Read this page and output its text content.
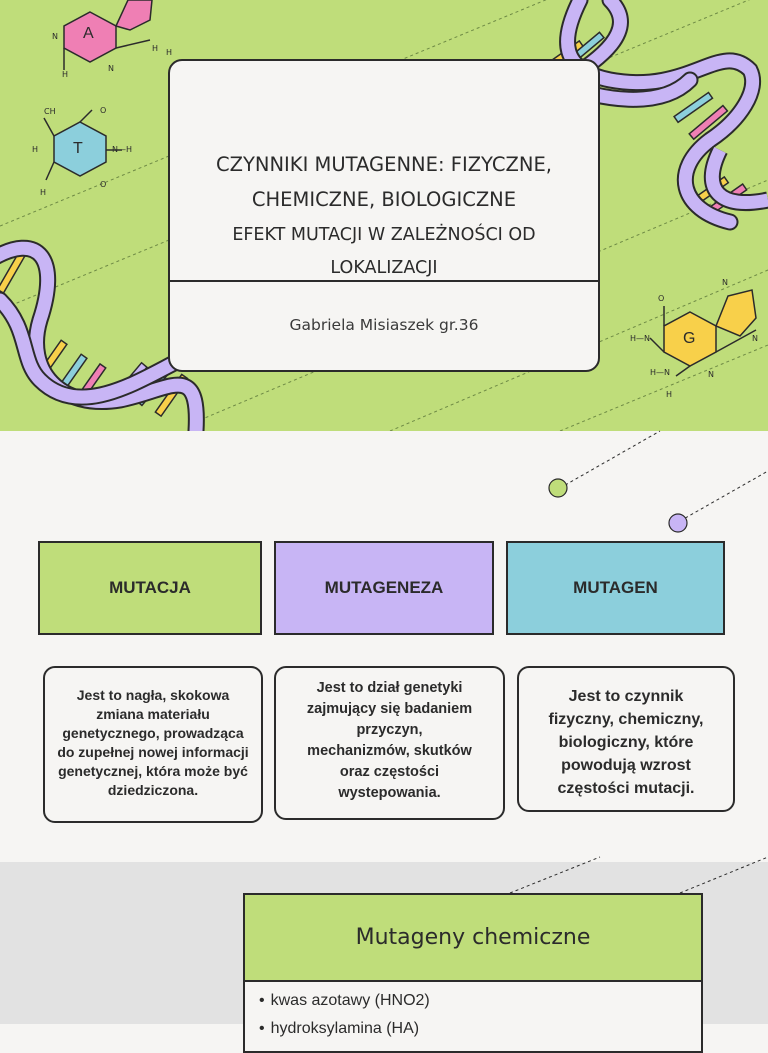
A
T
G
H
N
H
N
H
CH	O
H	N—H
O
H
N
O
H—N
H—N
H
N
N
CZYNNIKI MUTAGENNE: FIZYCZNE,
CHEMICZNE, BIOLOGICZNE
EFEKT MUTACJI W ZALEŻNOŚCI OD
LOKALIZACJI
Gabriela Misiaszek gr.36
MUTACJA	MUTAGENEZA	MUTAGEN
Jest to nagła, skokowa
zmiana materiału
genetycznego, prowadząca
do zupełnej nowej informacji
genetycznej, która może być
dziedziczona.
Jest to dział genetyki
zajmujący się badaniem
przyczyn,
mechanizmów, skutków
oraz częstości
wystepowania.
Jest to czynnik
fizyczny, chemiczny,
biologiczny, które
powodują wzrost
częstości mutacji.
Mutageny chemiczne
• kwas azotawy (HNO2)
• hydroksylamina (HA)
